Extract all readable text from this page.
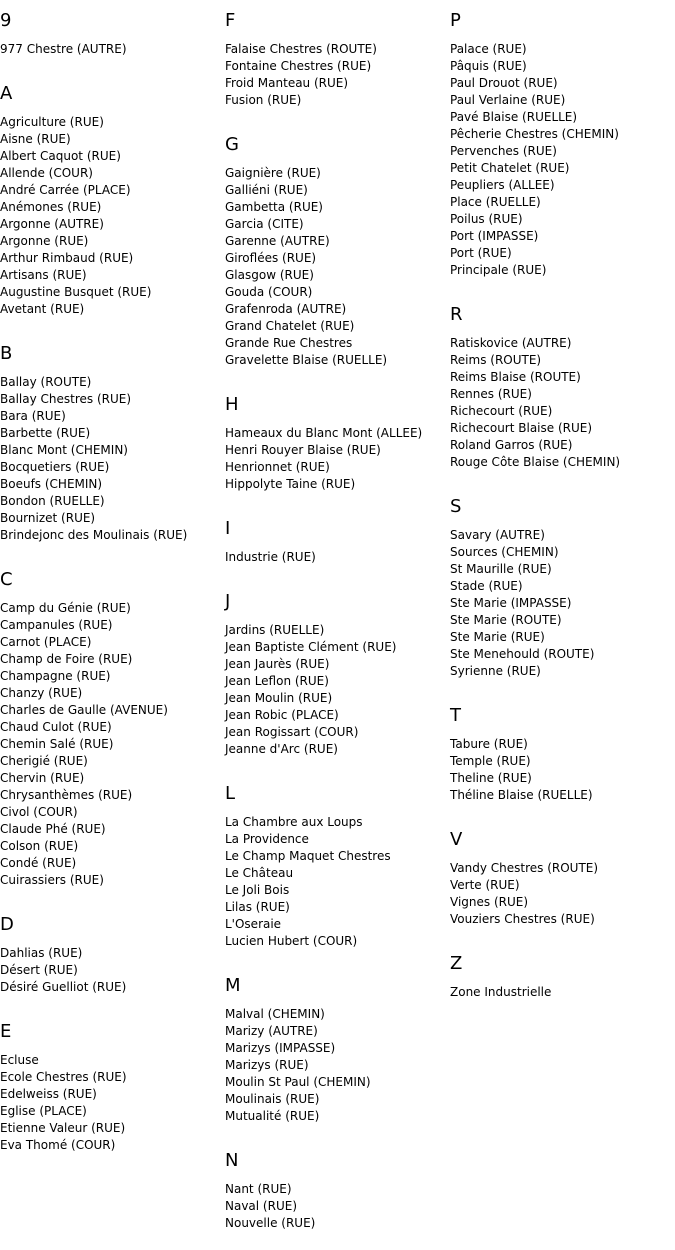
9
977 Chestre (AUTRE)
A
Agriculture (RUE)
Aisne (RUE)
Albert Caquot (RUE)
Allende (COUR)
André Carrée (PLACE)
Anémones (RUE)
Argonne (AUTRE)
Argonne (RUE)
Arthur Rimbaud (RUE)
Artisans (RUE)
Augustine Busquet (RUE)
Avetant (RUE)
B
Ballay (ROUTE)
Ballay Chestres (RUE)
Bara (RUE)
Barbette (RUE)
Blanc Mont (CHEMIN)
Bocquetiers (RUE)
Boeufs (CHEMIN)
Bondon (RUELLE)
Bournizet (RUE)
Brindejonc des Moulinais (RUE)
C
Camp du Génie (RUE)
Campanules (RUE)
Carnot (PLACE)
Champ de Foire (RUE)
Champagne (RUE)
Chanzy (RUE)
Charles de Gaulle (AVENUE)
Chaud Culot (RUE)
Chemin Salé (RUE)
Cherigié (RUE)
Chervin (RUE)
Chrysanthèmes (RUE)
Civol (COUR)
Claude Phé (RUE)
Colson (RUE)
Condé (RUE)
Cuirassiers (RUE)
D
Dahlias (RUE)
Désert (RUE)
Désiré Guelliot (RUE)
E
Ecluse
Ecole Chestres (RUE)
Edelweiss (RUE)
Eglise (PLACE)
Etienne Valeur (RUE)
Eva Thomé (COUR)
F
Falaise Chestres (ROUTE)
Fontaine Chestres (RUE)
Froid Manteau (RUE)
Fusion (RUE)
G
Gaignière (RUE)
Galliéni (RUE)
Gambetta (RUE)
Garcia (CITE)
Garenne (AUTRE)
Giroflées (RUE)
Glasgow (RUE)
Gouda (COUR)
Grafenroda (AUTRE)
Grand Chatelet (RUE)
Grande Rue Chestres
Gravelette Blaise (RUELLE)
H
Hameaux du Blanc Mont (ALLEE)
Henri Rouyer Blaise (RUE)
Henrionnet (RUE)
Hippolyte Taine (RUE)
I
Industrie (RUE)
J
Jardins (RUELLE)
Jean Baptiste Clément (RUE)
Jean Jaurès (RUE)
Jean Leflon (RUE)
Jean Moulin (RUE)
Jean Robic (PLACE)
Jean Rogissart (COUR)
Jeanne d'Arc (RUE)
L
La Chambre aux Loups
La Providence
Le Champ Maquet Chestres
Le Château
Le Joli Bois
Lilas (RUE)
L'Oseraie
Lucien Hubert (COUR)
M
Malval (CHEMIN)
Marizy (AUTRE)
Marizys (IMPASSE)
Marizys (RUE)
Moulin St Paul (CHEMIN)
Moulinais (RUE)
Mutualité (RUE)
N
Nant (RUE)
Naval (RUE)
Nouvelle (RUE)
P
Palace (RUE)
Pâquis (RUE)
Paul Drouot (RUE)
Paul Verlaine (RUE)
Pavé Blaise (RUELLE)
Pêcherie Chestres (CHEMIN)
Pervenches (RUE)
Petit Chatelet (RUE)
Peupliers (ALLEE)
Place (RUELLE)
Poilus (RUE)
Port (IMPASSE)
Port (RUE)
Principale (RUE)
R
Ratiskovice (AUTRE)
Reims (ROUTE)
Reims Blaise (ROUTE)
Rennes (RUE)
Richecourt (RUE)
Richecourt Blaise (RUE)
Roland Garros (RUE)
Rouge Côte Blaise (CHEMIN)
S
Savary (AUTRE)
Sources (CHEMIN)
St Maurille (RUE)
Stade (RUE)
Ste Marie (IMPASSE)
Ste Marie (ROUTE)
Ste Marie (RUE)
Ste Menehould (ROUTE)
Syrienne (RUE)
T
Tabure (RUE)
Temple (RUE)
Theline (RUE)
Théline Blaise (RUELLE)
V
Vandy Chestres (ROUTE)
Verte (RUE)
Vignes (RUE)
Vouziers Chestres (RUE)
Z
Zone Industrielle
